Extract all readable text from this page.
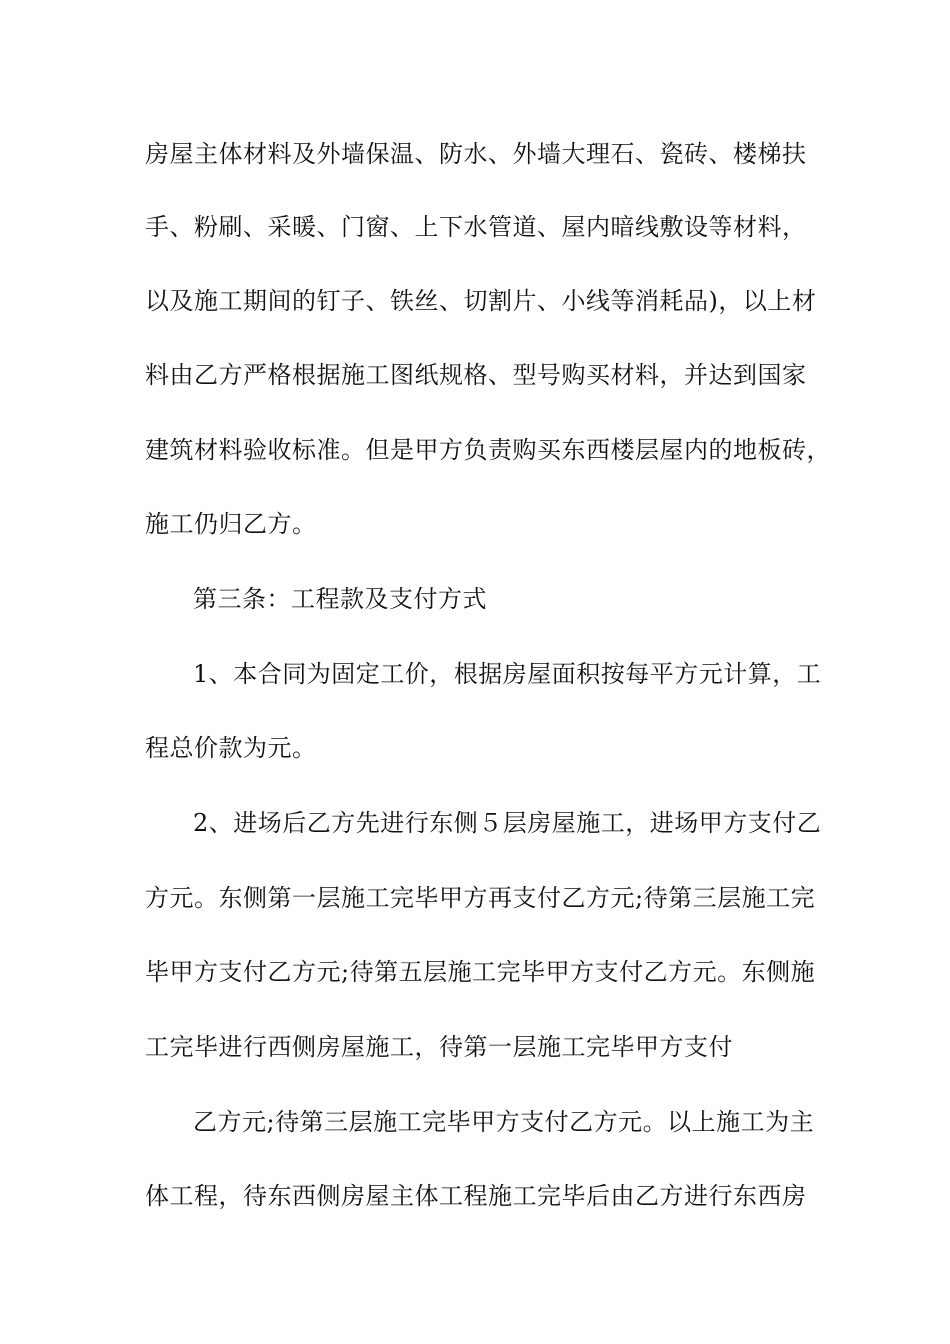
房屋主体材料及外墙保温、防水、外墙大理石、瓷砖、楼梯扶
手、粉刷、采暖、门窗、上下水管道、屋内暗线敷设等材料，
以及施工期间的钉子、铁丝、切割片、小线等消耗品)，以上材
料由乙方严格根据施工图纸规格、型号购买材料，并达到国家
建筑材料验收标准。但是甲方负责购买东西楼层屋内的地板砖，
施工仍归乙方。
第三条：工程款及支付方式
1、本合同为固定工价，根据房屋面积按每平方元计算，工
程总价款为元。
2、进场后乙方先进行东侧５层房屋施工，进场甲方支付乙
方元。东侧第一层施工完毕甲方再支付乙方元;待第三层施工完
毕甲方支付乙方元;待第五层施工完毕甲方支付乙方元。东侧施
工完毕进行西侧房屋施工，待第一层施工完毕甲方支付
乙方元;待第三层施工完毕甲方支付乙方元。以上施工为主
体工程，待东西侧房屋主体工程施工完毕后由乙方进行东西房
